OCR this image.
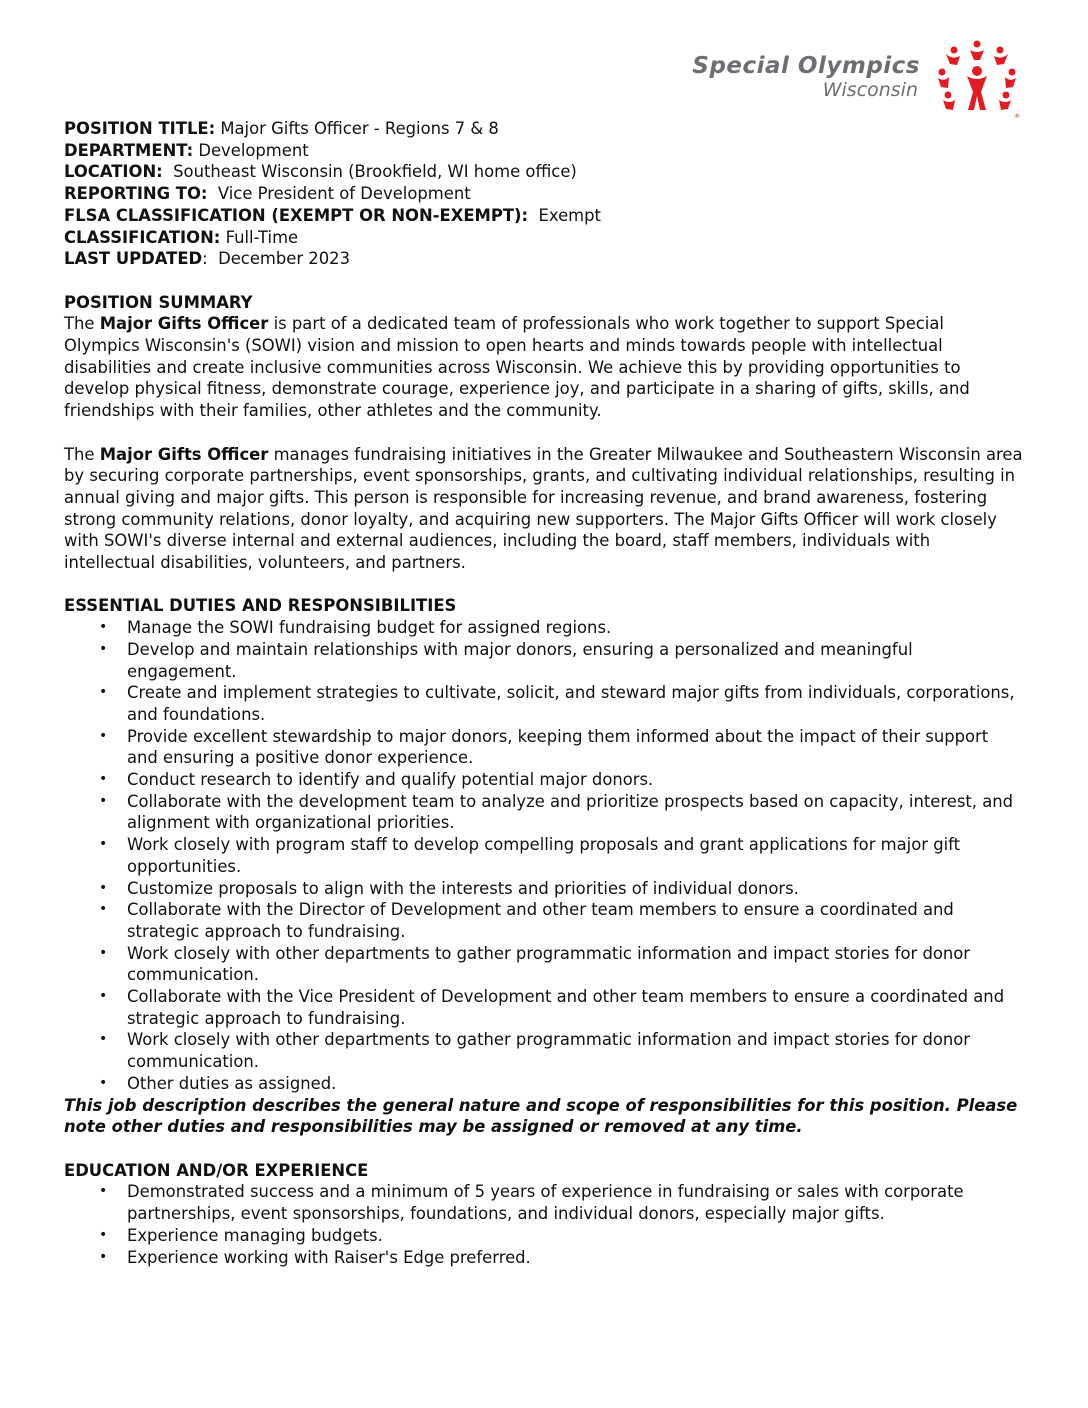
Special Olympics
Wisconsin
®
POSITION TITLE: Major Gifts Officer - Regions 7 & 8
DEPARTMENT: Development
LOCATION:  Southeast Wisconsin (Brookfield, WI home office)
REPORTING TO:  Vice President of Development
FLSA CLASSIFICATION (EXEMPT OR NON-EXEMPT):  Exempt
CLASSIFICATION: Full-Time
LAST UPDATED:  December 2023
POSITION SUMMARY

The Major Gifts Officer is part of a dedicated team of professionals who work together to support Special Olympics Wisconsin's (SOWI) vision and mission to open hearts and minds towards people with intellectual disabilities and create inclusive communities across Wisconsin. We achieve this by providing opportunities to develop physical fitness, demonstrate courage, experience joy, and participate in a sharing of gifts, skills, and friendships with their families, other athletes and the community.

The Major Gifts Officer manages fundraising initiatives in the Greater Milwaukee and Southeastern Wisconsin area by securing corporate partnerships, event sponsorships, grants, and cultivating individual relationships, resulting in annual giving and major gifts. This person is responsible for increasing revenue, and brand awareness, fostering strong community relations, donor loyalty, and acquiring new supporters. The Major Gifts Officer will work closely with SOWI's diverse internal and external audiences, including the board, staff members, individuals with intellectual disabilities, volunteers, and partners.

ESSENTIAL DUTIES AND RESPONSIBILITIES
• Manage the SOWI fundraising budget for assigned regions.
• Develop and maintain relationships with major donors, ensuring a personalized and meaningful engagement.
• Create and implement strategies to cultivate, solicit, and steward major gifts from individuals, corporations, and foundations.
• Provide excellent stewardship to major donors, keeping them informed about the impact of their support and ensuring a positive donor experience.
• Conduct research to identify and qualify potential major donors.
• Collaborate with the development team to analyze and prioritize prospects based on capacity, interest, and alignment with organizational priorities.
• Work closely with program staff to develop compelling proposals and grant applications for major gift opportunities.
• Customize proposals to align with the interests and priorities of individual donors.
• Collaborate with the Director of Development and other team members to ensure a coordinated and strategic approach to fundraising.
• Work closely with other departments to gather programmatic information and impact stories for donor communication.
• Collaborate with the Vice President of Development and other team members to ensure a coordinated and strategic approach to fundraising.
• Work closely with other departments to gather programmatic information and impact stories for donor communication.
• Other duties as assigned.

This job description describes the general nature and scope of responsibilities for this position. Please note other duties and responsibilities may be assigned or removed at any time.

EDUCATION AND/OR EXPERIENCE
• Demonstrated success and a minimum of 5 years of experience in fundraising or sales with corporate partnerships, event sponsorships, foundations, and individual donors, especially major gifts.
• Experience managing budgets.
• Experience working with Raiser's Edge preferred.
